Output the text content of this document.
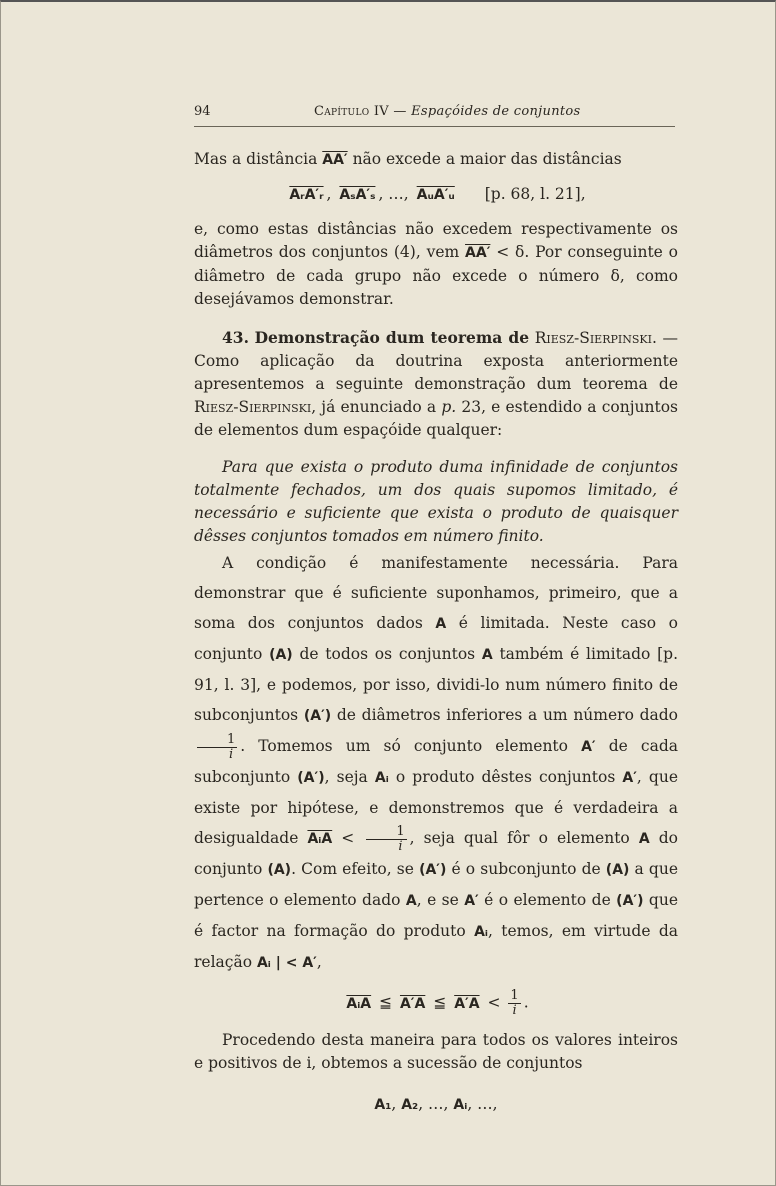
94	Capítulo IV — Espaçóides de conjuntos

Mas a distância AA′ não excede a maior das distâncias

AᵣA′ᵣ , AₛA′ₛ , …, AᵤA′ᵤ [p. 68, l. 21],

e, como estas distâncias não excedem respectivamente os diâmetros dos conjuntos (4), vem AA′ < δ. Por conseguinte o diâmetro de cada grupo não excede o número δ, como desejávamos demonstrar.

43. Demonstração dum teorema de Riesz-Sierpinski. — Como aplicação da doutrina exposta anteriormente apresentemos a seguinte demonstração dum teorema de Riesz-Sierpinski, já enunciado a p. 23, e estendido a conjuntos de elementos dum espaçóide qualquer:

Para que exista o produto duma infinidade de conjuntos totalmente fechados, um dos quais supomos limitado, é necessário e suficiente que exista o produto de quaisquer dêsses conjuntos tomados em número finito.

A condição é manifestamente necessária. Para demonstrar que é suficiente suponhamos, primeiro, que a soma dos conjuntos dados A é limitada. Neste caso o conjunto (A) de todos os conjuntos A também é limitado [p. 91, l. 3], e podemos, por isso, dividi-lo num número finito de subconjuntos (A′) de diâmetros inferiores a um número dado
$\frac{1}{i}$ . Tomemos um só conjunto elemento A′ de cada subconjunto (A′), seja Aᵢ o produto dêstes conjuntos A′, que existe por hipótese, e demonstremos que é verdadeira a desigualdade $\overline{AᵢA} < \frac{1}{i}$ , seja qual fôr o elemento A do conjunto (A). Com efeito, se (A′) é o subconjunto de (A) a que pertence o elemento dado A, e se A′ é o elemento de (A′) que é factor na formação do produto Aᵢ, temos, em virtude da relação Aᵢ | < A′,

$\overline{AᵢA}$ ≦ A′A ≦ $A'A < \frac{1}{i}$ .

Procedendo desta maneira para todos os valores inteiros e positivos de i, obtemos a sucessão de conjuntos

A₁, A₂, …, Aᵢ, …,
